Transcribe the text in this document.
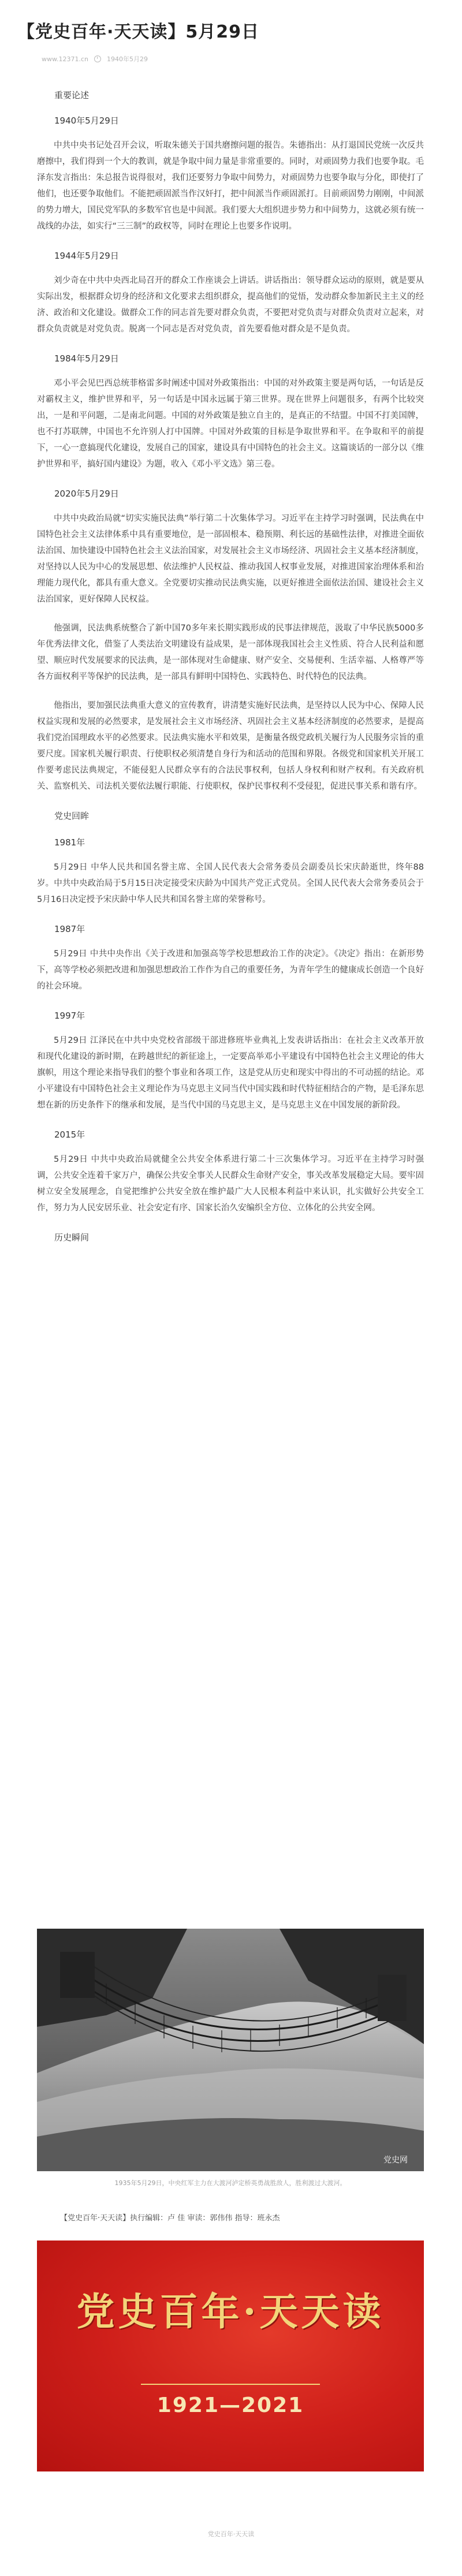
【党史百年·天天读】5月29日
www.12371.cn	1940年5月29

重要论述

1940年5月29日

中共中央书记处召开会议，听取朱德关于国共磨擦问题的报告。朱德指出：从打退国民党统一次反共磨擦中，我们得到一个大的教训，就是争取中间力量是非常重要的。同时，对顽固势力我们也要争取。毛泽东发言指出：朱总报告说得很对，我们还要努力争取中间势力，对顽固势力也要争取与分化，即使打了他们，也还要争取他们。不能把顽固派当作汉奸打，把中间派当作顽固派打。目前顽固势力刚刚，中间派的势力增大，国民党军队的多数军官也是中间派。我们要大大组织进步势力和中间势力，这就必须有统一战线的办法，如实行“三三制”的政权等，同时在理论上也要多作说明。

1944年5月29日

刘少奇在中共中央西北局召开的群众工作座谈会上讲话。讲话指出：领导群众运动的原则，就是要从实际出发，根据群众切身的经济和文化要求去组织群众，提高他们的觉悟，发动群众参加新民主主义的经济、政治和文化建设。做群众工作的同志首先要对群众负责，不要把对党负责与对群众负责对立起来，对群众负责就是对党负责。脱离一个同志是否对党负责，首先要看他对群众是不是负责。

1984年5月29日

邓小平会见巴西总统菲格雷多时阐述中国对外政策指出：中国的对外政策主要是两句话，一句话是反对霸权主义，维护世界和平，另一句话是中国永远属于第三世界。现在世界上问题很多，有两个比较突出，一是和平问题，二是南北问题。中国的对外政策是独立自主的，是真正的不结盟。中国不打美国牌，也不打苏联牌，中国也不允许别人打中国牌。中国对外政策的目标是争取世界和平。在争取和平的前提下，一心一意搞现代化建设，发展自己的国家，建设具有中国特色的社会主义。这篇谈话的一部分以《维护世界和平，搞好国内建设》为题，收入《邓小平文选》第三卷。

2020年5月29日

中共中央政治局就“切实实施民法典”举行第二十次集体学习。习近平在主持学习时强调，民法典在中国特色社会主义法律体系中具有重要地位，是一部固根本、稳预期、利长远的基础性法律，对推进全面依法治国、加快建设中国特色社会主义法治国家，对发展社会主义市场经济、巩固社会主义基本经济制度，对坚持以人民为中心的发展思想、依法维护人民权益、推动我国人权事业发展，对推进国家治理体系和治理能力现代化，都具有重大意义。全党要切实推动民法典实施，以更好推进全面依法治国、建设社会主义法治国家，更好保障人民权益。

他强调，民法典系统整合了新中国70多年来长期实践形成的民事法律规范，汲取了中华民族5000多年优秀法律文化，借鉴了人类法治文明建设有益成果，是一部体现我国社会主义性质、符合人民利益和愿望、顺应时代发展要求的民法典，是一部体现对生命健康、财产安全、交易便利、生活幸福、人格尊严等各方面权利平等保护的民法典，是一部具有鲜明中国特色、实践特色、时代特色的民法典。

他指出，要加强民法典重大意义的宣传教育，讲清楚实施好民法典，是坚持以人民为中心、保障人民权益实现和发展的必然要求，是发展社会主义市场经济、巩固社会主义基本经济制度的必然要求，是提高我们党治国理政水平的必然要求。民法典实施水平和效果，是衡量各级党政机关履行为人民服务宗旨的重要尺度。国家机关履行职责、行使职权必须清楚自身行为和活动的范围和界限。各级党和国家机关开展工作要考虑民法典规定，不能侵犯人民群众享有的合法民事权利，包括人身权利和财产权利。有关政府机关、监察机关、司法机关要依法履行职能、行使职权，保护民事权利不受侵犯，促进民事关系和谐有序。

党史回眸

1981年

5月29日 中华人民共和国名誉主席、全国人民代表大会常务委员会副委员长宋庆龄逝世，终年88岁。中共中央政治局于5月15日决定接受宋庆龄为中国共产党正式党员。全国人民代表大会常务委员会于5月16日决定授予宋庆龄中华人民共和国名誉主席的荣誉称号。

1987年

5月29日 中共中央作出《关于改进和加强高等学校思想政治工作的决定》。《决定》指出：在新形势下，高等学校必须把改进和加强思想政治工作作为自己的重要任务，为青年学生的健康成长创造一个良好的社会环境。

1997年

5月29日 江泽民在中共中央党校省部级干部进修班毕业典礼上发表讲话指出：在社会主义改革开放和现代化建设的新时期，在跨越世纪的新征途上，一定要高举邓小平建设有中国特色社会主义理论的伟大旗帜，用这个理论来指导我们的整个事业和各项工作，这是党从历史和现实中得出的不可动摇的结论。邓小平建设有中国特色社会主义理论作为马克思主义同当代中国实践和时代特征相结合的产物，是毛泽东思想在新的历史条件下的继承和发展，是当代中国的马克思主义，是马克思主义在中国发展的新阶段。

2015年

5月29日 中共中央政治局就健全公共安全体系进行第二十三次集体学习。习近平在主持学习时强调，公共安全连着千家万户，确保公共安全事关人民群众生命财产安全，事关改革发展稳定大局。要牢固树立安全发展理念，自觉把维护公共安全放在维护最广大人民根本利益中来认识，扎实做好公共安全工作，努力为人民安居乐业、社会安定有序、国家长治久安编织全方位、立体化的公共安全网。

历史瞬间

党史网
1935年5月29日，中央红军主力在大渡河泸定桥英勇战胜敌人，胜利渡过大渡河。
【党史百年·天天读】执行编辑：卢 佳 审读：郭伟伟 指导：班永杰
党史百年·天天读
1921—2021
党史百年·天天读
